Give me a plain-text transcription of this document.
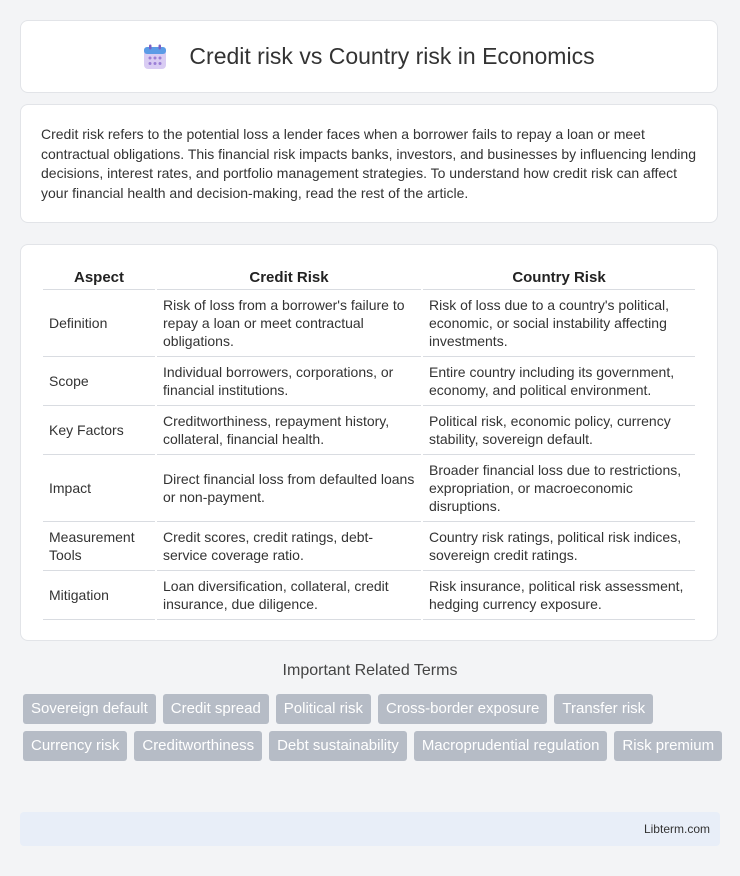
Credit risk vs Country risk in Economics

Credit risk refers to the potential loss a lender faces when a borrower fails to repay a loan or meet contractual obligations. This financial risk impacts banks, investors, and businesses by influencing lending decisions, interest rates, and portfolio management strategies. To understand how credit risk can affect your financial health and decision-making, read the rest of the article.

Aspect	Credit Risk	Country Risk
Definition	Risk of loss from a borrower's failure to repay a loan or meet contractual obligations.	Risk of loss due to a country's political, economic, or social instability affecting investments.
Scope	Individual borrowers, corporations, or financial institutions.	Entire country including its government, economy, and political environment.
Key Factors	Creditworthiness, repayment history, collateral, financial health.	Political risk, economic policy, currency stability, sovereign default.
Impact	Direct financial loss from defaulted loans or non-payment.	Broader financial loss due to restrictions, expropriation, or macroeconomic disruptions.
Measurement Tools	Credit scores, credit ratings, debt-service coverage ratio.	Country risk ratings, political risk indices, sovereign credit ratings.
Mitigation	Loan diversification, collateral, credit insurance, due diligence.	Risk insurance, political risk assessment, hedging currency exposure.
Important Related Terms
Sovereign default	Credit spread	Political risk	Cross-border exposure	Transfer risk
Currency risk	Creditworthiness	Debt sustainability	Macroprudential regulation	Risk premium
Libterm.com
